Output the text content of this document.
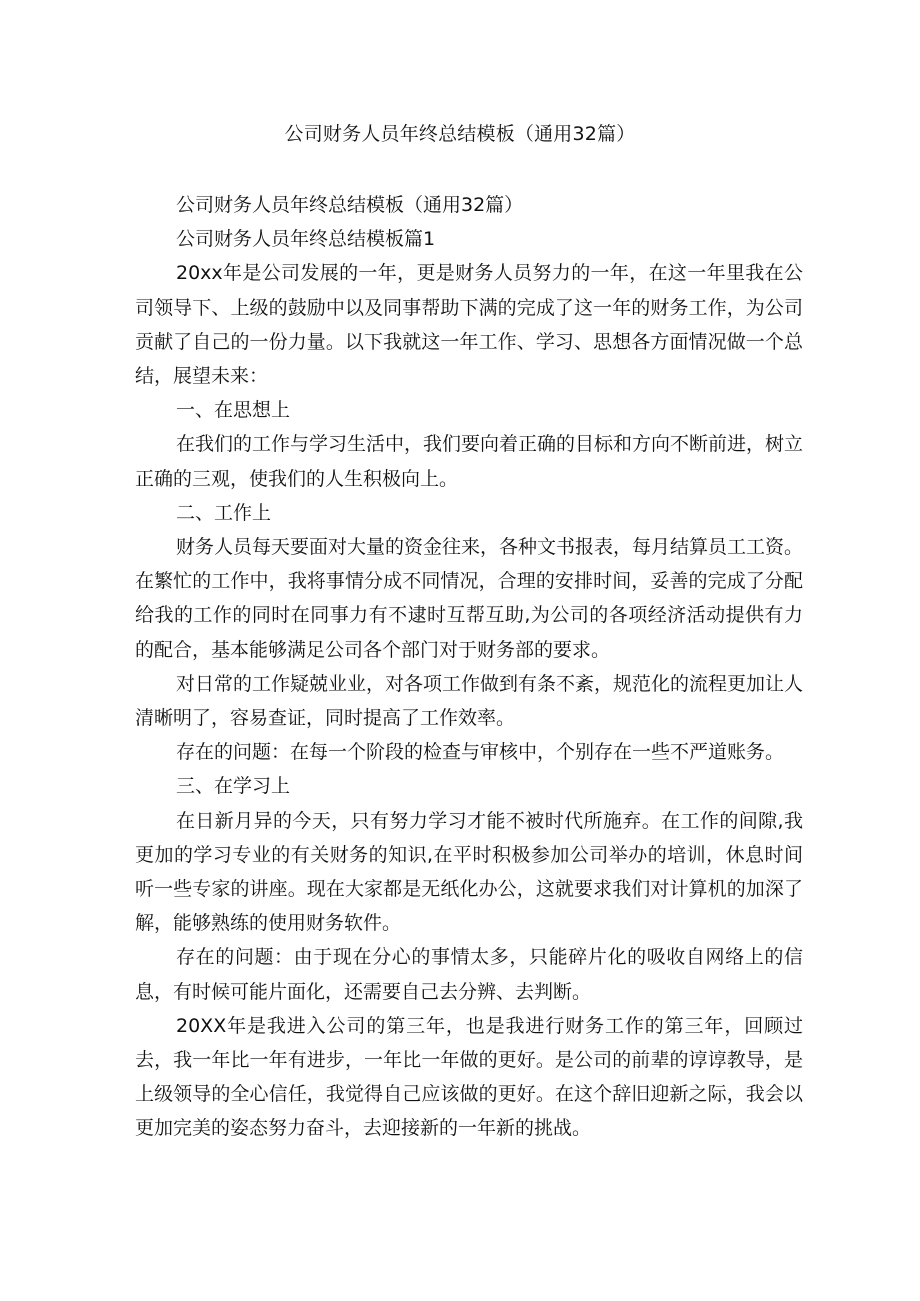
公司财务人员年终总结模板（通用32篇）

公司财务人员年终总结模板（通用32篇）

公司财务人员年终总结模板篇1

20xx年是公司发展的一年，更是财务人员努力的一年，在这一年里我在公司领导下、上级的鼓励中以及同事帮助下满的完成了这一年的财务工作，为公司贡献了自己的一份力量。以下我就这一年工作、学习、思想各方面情况做一个总结，展望未来：

一、在思想上

在我们的工作与学习生活中，我们要向着正确的目标和方向不断前进，树立正确的三观，使我们的人生积极向上。

二、工作上

财务人员每天要面对大量的资金往来，各种文书报表，每月结算员工工资。在繁忙的工作中，我将事情分成不同情况，合理的安排时间，妥善的完成了分配给我的工作的同时在同事力有不逮时互帮互助,为公司的各项经济活动提供有力的配合，基本能够满足公司各个部门对于财务部的要求。

对日常的工作疑兢业业，对各项工作做到有条不紊，规范化的流程更加让人清晰明了，容易查证，同时提高了工作效率。

存在的问题：在每一个阶段的检查与审核中，个别存在一些不严道账务。

三、在学习上

在日新月异的今天，只有努力学习才能不被时代所施弃。在工作的间隙,我更加的学习专业的有关财务的知识,在平时积极参加公司举办的培训，休息时间听一些专家的讲座。现在大家都是无纸化办公，这就要求我们对计算机的加深了解，能够熟练的使用财务软件。

存在的问题：由于现在分心的事情太多，只能碎片化的吸收自网络上的信息，有时候可能片面化，还需要自己去分辨、去判断。

20XX年是我进入公司的第三年，也是我进行财务工作的第三年，回顾过去，我一年比一年有进步，一年比一年做的更好。是公司的前辈的谆谆教导，是上级领导的全心信任，我觉得自己应该做的更好。在这个辞旧迎新之际，我会以更加完美的姿态努力奋斗，去迎接新的一年新的挑战。
